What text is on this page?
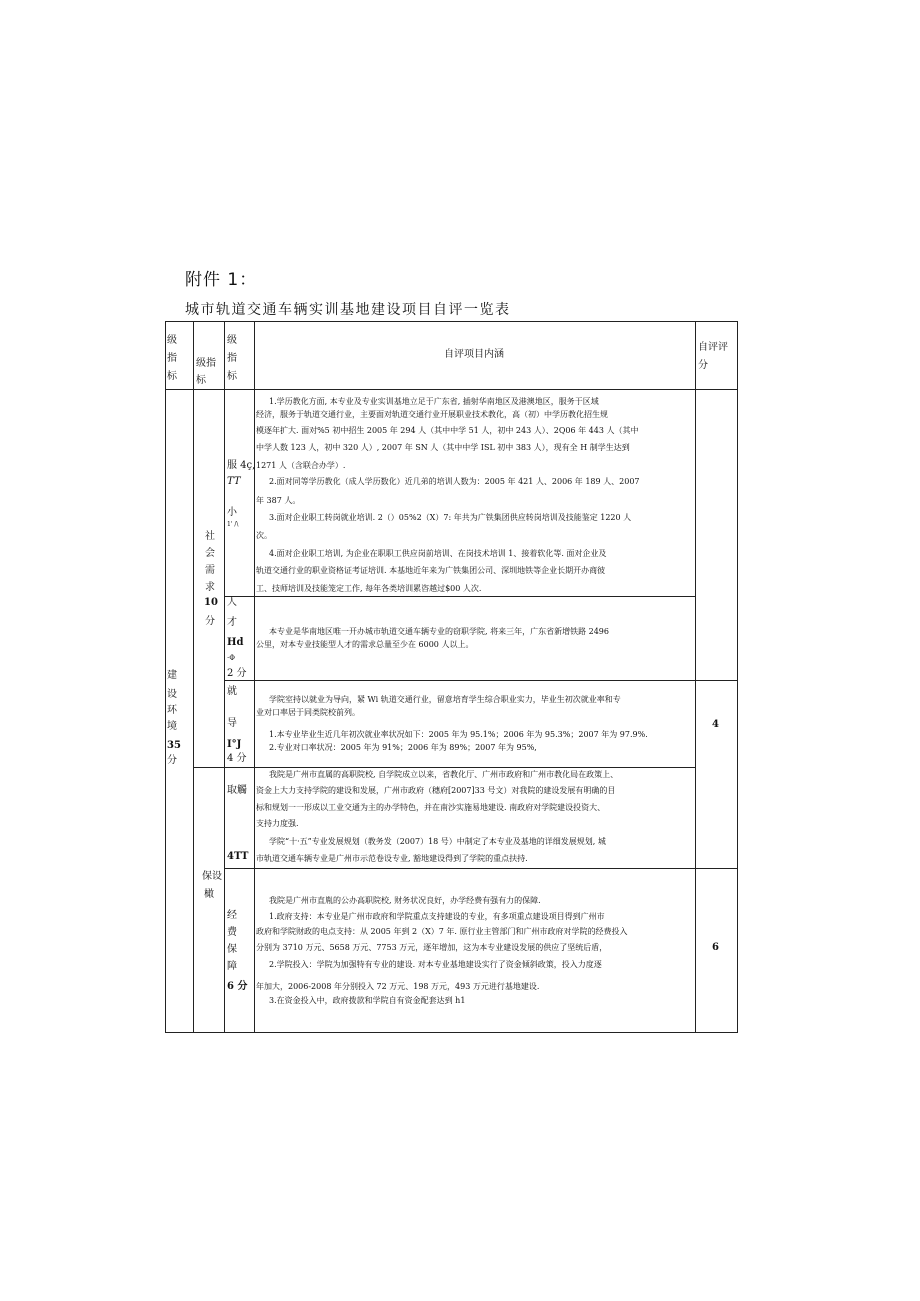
附件 1：
城市轨道交通车辆实训基地建设项目自评一览表
级
指
标
级指
标
级
指
标
自评项目内涵
自评评
分
建
设
环
境
35
分
社
会
需
求
10
分
保设
橄
服 4ç,
TT
小
1' /\
人
才
Hd
·Φ
2 分
就
导
I°J
4 分
取觸
4TT
经
费
保
障
6 分
1.学历教化方面, 本专业及专业实训基地立足于广东省, 插射华南地区及港澳地区，服务于区域
经济，服务于轨道交通行业，主要面对轨道交通行业开展职业技术教化，高（初）中学历教化招生规
模逐年扩大. 面对%5 初中招生 2005 年 294 人（其中中学 51 人，初中 243 人）、2Q06 年 443 人（其中
中学人数 123 人，初中 320 人）, 2007 年 SN 人（其中中学 ISL 初中 383 人），现有全 H 制学生达到
1271 人（含联合办学）.
2.面对同等学历教化（成人学历数化）近几弟的培训人数为：2005 年 421 人、2006 年 189 人、2007
年 387 人。
3.面对企业职工转岗就业培训. 2（）05%2（X）7: 年共为广铁集团供应转岗培训及技能鉴定 1220 人
次。
4.面对企业职工培训, 为企业在职职工供应岗前培训、在岗技术培训 1、接着软化等. 面对企业及
轨道交通行业的职业资格证考证培训. 本基地近年来为广铁集团公司、深圳地铁等企业长期开办商彼
工、技师培训及技能笼定工作, 每年各类培训累咨越过$00 人次.
本专业是华南地区唯一开办城市轨道交通车辆专业的窃职学院, 将来三年，广东省新增铁路 2496
公里，对本专业技能型人才的需求总量至少在 6000 人以上。
学院室持以就业为导向，紧 Wi 轨道交通行业，留意培育学生综合职业实力，毕业生初次就业率和专
业对口率居于同类院校前列。
1.本专业毕业生近几年初次就业率状况如下：2005 年为 95.1%；2006 年为 95.3%；2007 年为 97.9%.
2.专业对口率状况：2005 年为 91%；2006 年为 89%；2007 年为 95%,
我院是广州市直属的高职院校, 自学院成立以来，省教化厅、广州市政府和广州市教化局在政策上、
资金上大力支持学院的建设和发展，广州市政府（穗府[2007]33 号文）对我院的建设发展有明确的目
标和规划一一形成以工业交通为主的办学特色，并在南沙实施易地建设. 南政府对学院建设投资大、
支持力度强.
学院“十·五”专业发展规划（教务发（2007）18 号）中制定了本专业及基地的详细发展规划, 城
市轨道交通车辆专业是广州市示范卷设专业, 豁地建设得到了学院的重点扶持.
我院是广州市直胤的公办高职院校, 财务状况良好，办学经费有强有力的保障.
1.政府支持：本专业是广州市政府和学院重点支持建设的专业，有多项重点建设项目得到广州市
政府和学院财政的电点支持：从 2005 年到 2（X）7 年. 原行业主管部门和广州市政府对学院的经费投入
分别为 3710 万元、5658 万元、7753 万元，逐年增加，这为本专业建设发展的供应了坚统后盾，
2.学院投入：学院为加强特有专业的建设. 对本专业基地建设实行了资金倾斜政策，投入力度逐
年加大，2006-2008 年分别投入 72 万元、198 万元，493 万元进行基地建设.
3.在资金投入中，政府拨款和学院自有资金配套达到 h1
4
6
